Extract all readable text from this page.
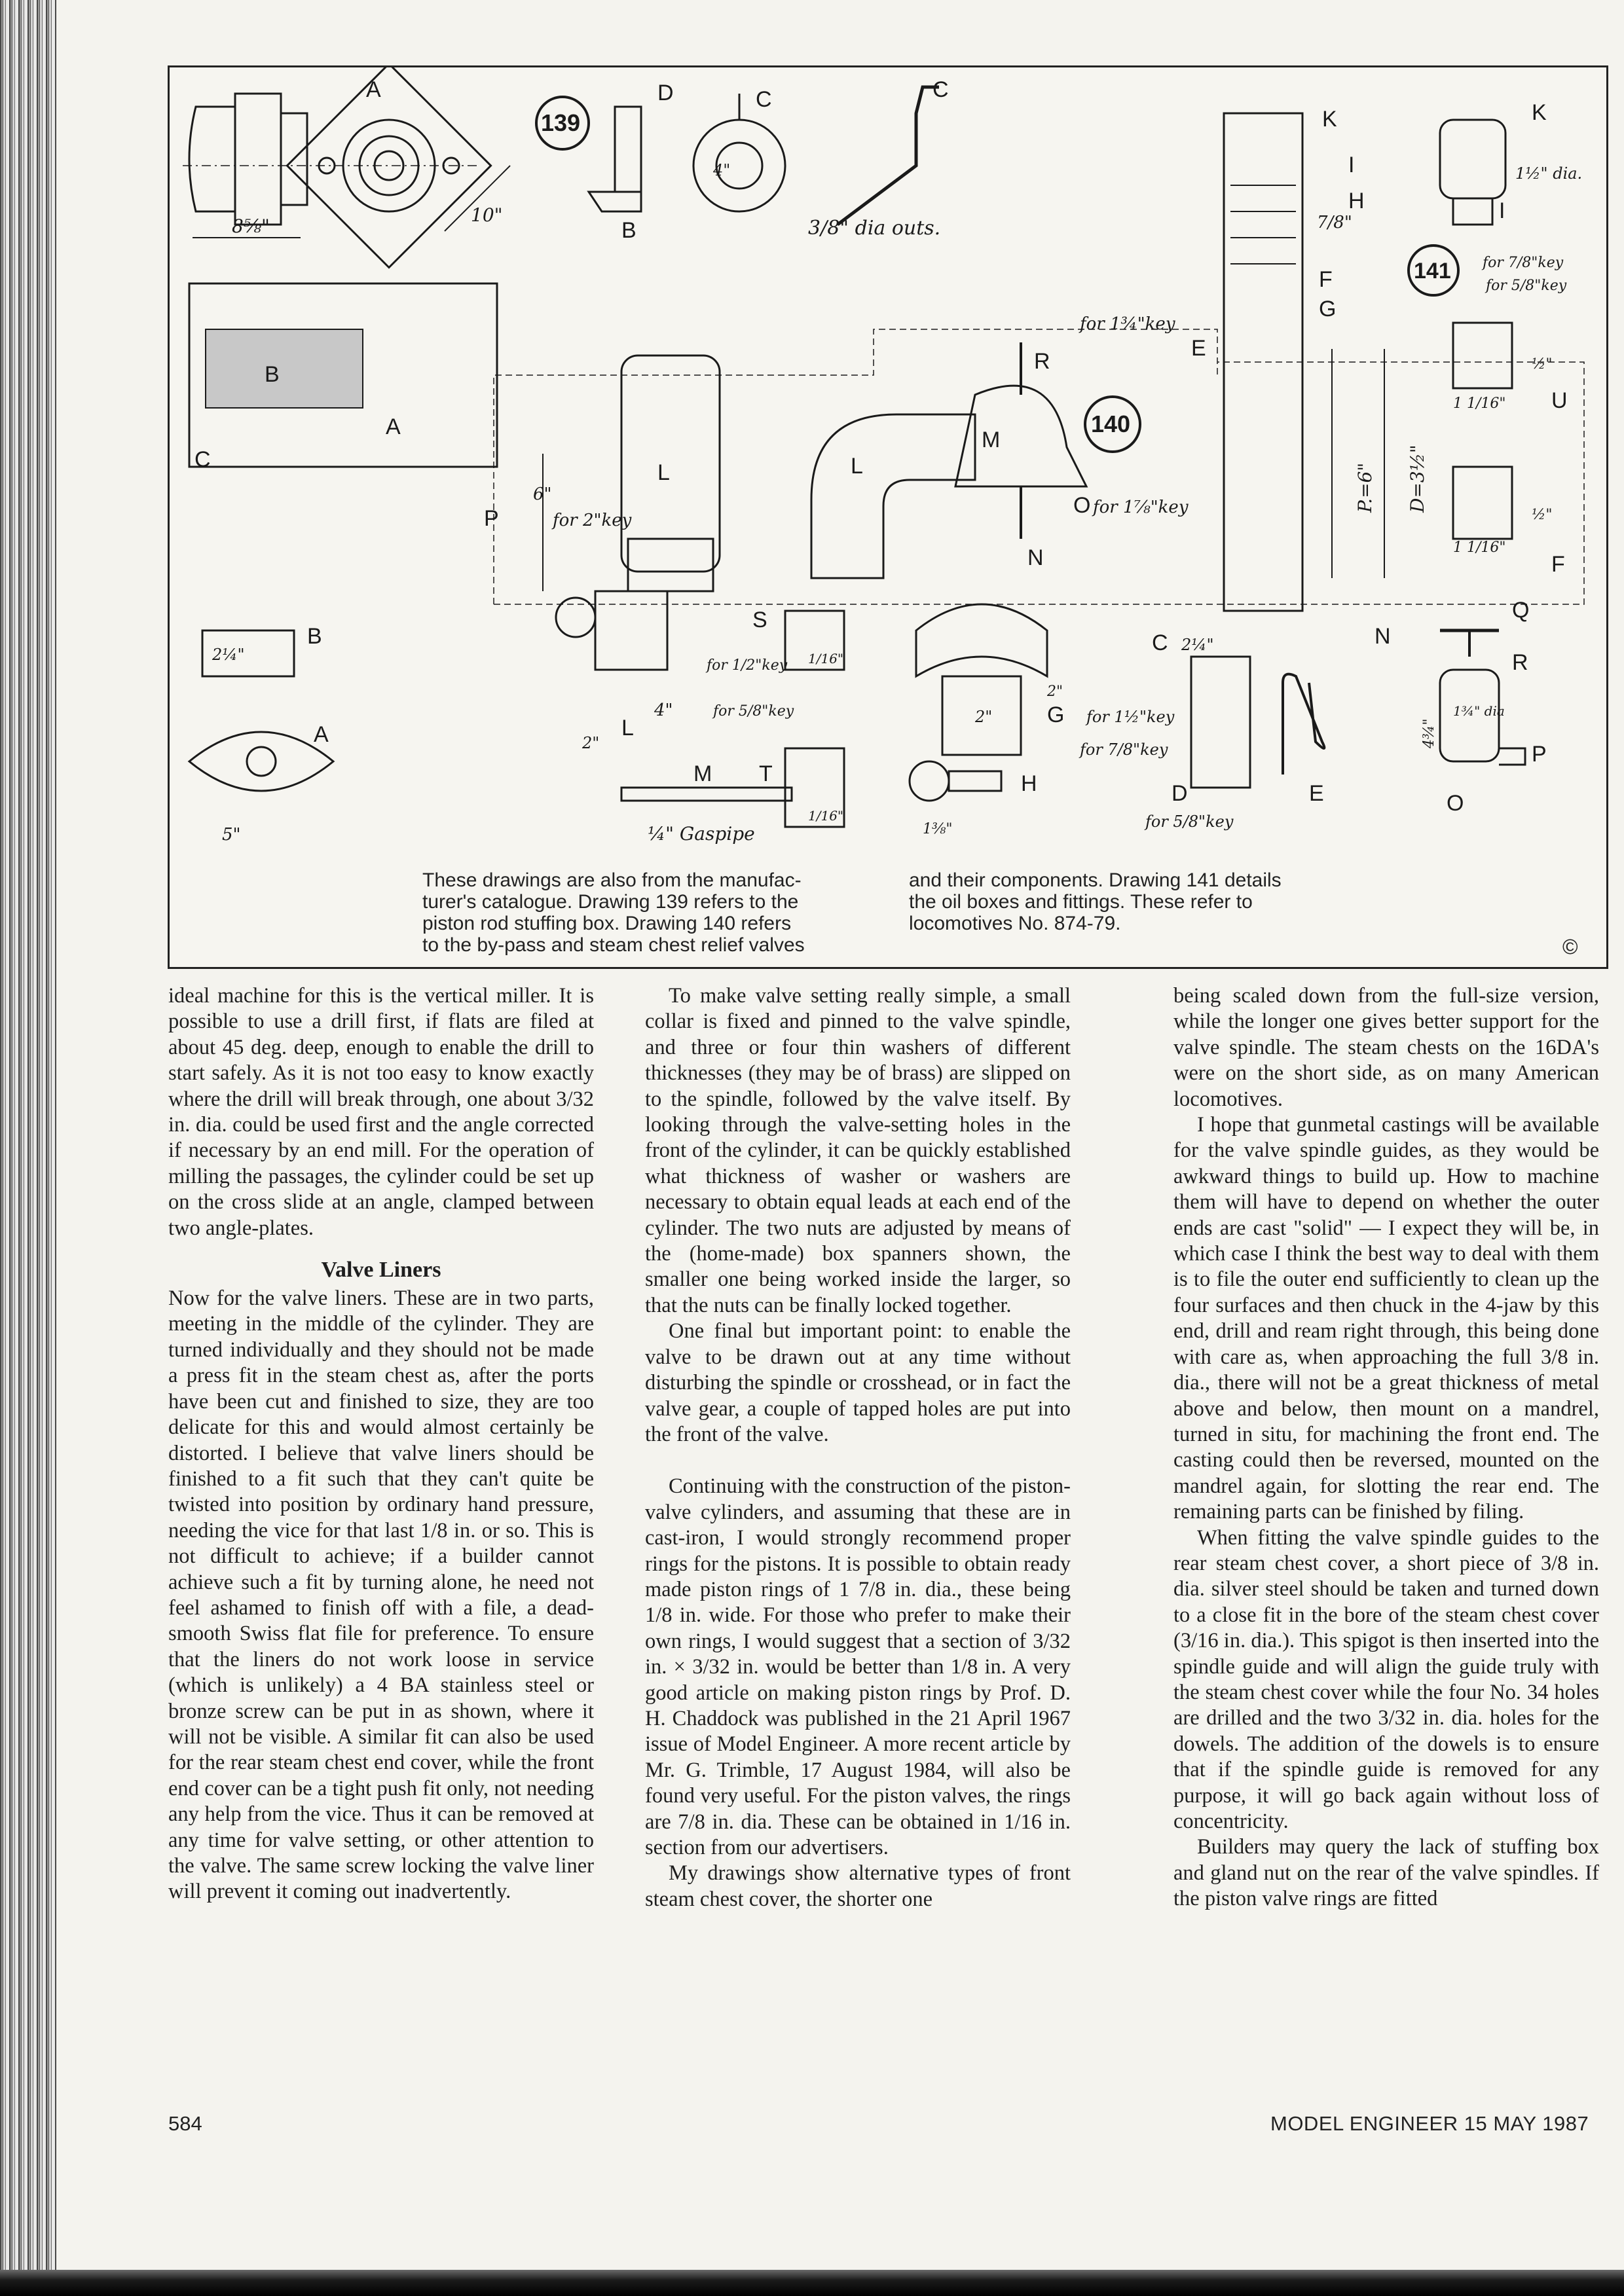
8⅝"
10"
A
139
D
B
C
4"
C
3/8" dia outs.
B
A
C
P
6"
for 2"key
L	L
M
R
N
O for 1⅞"key
140
K
I
H
F
G
E
for 1¾"key
7/8"
P.=6" D=3½"
K
I
1½" dia.
141 for 7/8"key
for 5/8"key
U
1 1/16"
½"
F
1 1/16"
½"
B
2¼"
A
5"
4"
L
2"
M
¼" Gaspipe
S
for 1/2"key
for 5/8"key
1/16"
T
1/16"
2"
2" G
H
1⅜"
for 1½"key
C 2¼"
D
for 7/8"key
for 5/8"key
E
Q
N
R
1¾" dia
P
O
4¾"
These drawings are also from the manufac-
turer's catalogue. Drawing 139 refers to the
piston rod stuffing box. Drawing 140 refers
to the by-pass and steam chest relief valves
and their components. Drawing 141 details
the oil boxes and fittings. These refer to
locomotives No. 874-79.
©

ideal machine for this is the vertical miller. It is possible to use a drill first, if flats are filed at about 45 deg. deep, enough to enable the drill to start safely. As it is not too easy to know exactly where the drill will break through, one about 3/32 in. dia. could be used first and the angle corrected if necessary by an end mill. For the operation of milling the passages, the cylinder could be set up on the cross slide at an angle, clamped between two angle-plates.

Valve Liners

Now for the valve liners. These are in two parts, meeting in the middle of the cylinder. They are turned individually and they should not be made a press fit in the steam chest as, after the ports have been cut and finished to size, they are too delicate for this and would almost certainly be distorted. I believe that valve liners should be finished to a fit such that they can't quite be twisted into position by ordinary hand pressure, needing the vice for that last 1/8 in. or so. This is not difficult to achieve; if a builder cannot achieve such a fit by turning alone, he need not feel ashamed to finish off with a file, a dead-smooth Swiss flat file for preference. To ensure that the liners do not work loose in service (which is unlikely) a 4 BA stainless steel or bronze screw can be put in as shown, where it will not be visible. A similar fit can also be used for the rear steam chest end cover, while the front end cover can be a tight push fit only, not needing any help from the vice. Thus it can be removed at any time for valve setting, or other attention to the valve. The same screw locking the valve liner will prevent it coming out inadvertently.

To make valve setting really simple, a small collar is fixed and pinned to the valve spindle, and three or four thin washers of different thicknesses (they may be of brass) are slipped on to the spindle, followed by the valve itself. By looking through the valve-setting holes in the front of the cylinder, it can be quickly established what thickness of washer or washers are necessary to obtain equal leads at each end of the cylinder. The two nuts are adjusted by means of the (home-made) box spanners shown, the smaller one being worked inside the larger, so that the nuts can be finally locked together.

One final but important point: to enable the valve to be drawn out at any time without disturbing the spindle or crosshead, or in fact the valve gear, a couple of tapped holes are put into the front of the valve.

Continuing with the construction of the piston-valve cylinders, and assuming that these are in cast-iron, I would strongly recommend proper rings for the pistons. It is possible to obtain ready made piston rings of 1 7/8 in. dia., these being 1/8 in. wide. For those who prefer to make their own rings, I would suggest that a section of 3/32 in. × 3/32 in. would be better than 1/8 in. A very good article on making piston rings by Prof. D. H. Chaddock was published in the 21 April 1967 issue of Model Engineer. A more recent article by Mr. G. Trimble, 17 August 1984, will also be found very useful. For the piston valves, the rings are 7/8 in. dia. These can be obtained in 1/16 in. section from our advertisers.

My drawings show alternative types of front steam chest cover, the shorter one

being scaled down from the full-size version, while the longer one gives better support for the valve spindle. The steam chests on the 16DA's were on the short side, as on many American locomotives.

I hope that gunmetal castings will be available for the valve spindle guides, as they would be awkward things to build up. How to machine them will have to depend on whether the outer ends are cast "solid" — I expect they will be, in which case I think the best way to deal with them is to file the outer end sufficiently to clean up the four surfaces and then chuck in the 4-jaw by this end, drill and ream right through, this being done with care as, when approaching the full 3/8 in. dia., there will not be a great thickness of metal above and below, then mount on a mandrel, turned in situ, for machining the front end. The casting could then be reversed, mounted on the mandrel again, for slotting the rear end. The remaining parts can be finished by filing.

When fitting the valve spindle guides to the rear steam chest cover, a short piece of 3/8 in. dia. silver steel should be taken and turned down to a close fit in the bore of the steam chest cover (3/16 in. dia.). This spigot is then inserted into the spindle guide and will align the guide truly with the steam chest cover while the four No. 34 holes are drilled and the two 3/32 in. dia. holes for the dowels. The addition of the dowels is to ensure that if the spindle guide is removed for any purpose, it will go back again without loss of concentricity.

Builders may query the lack of stuffing box and gland nut on the rear of the valve spindles. If the piston valve rings are fitted

584	MODEL ENGINEER 15 MAY 1987
